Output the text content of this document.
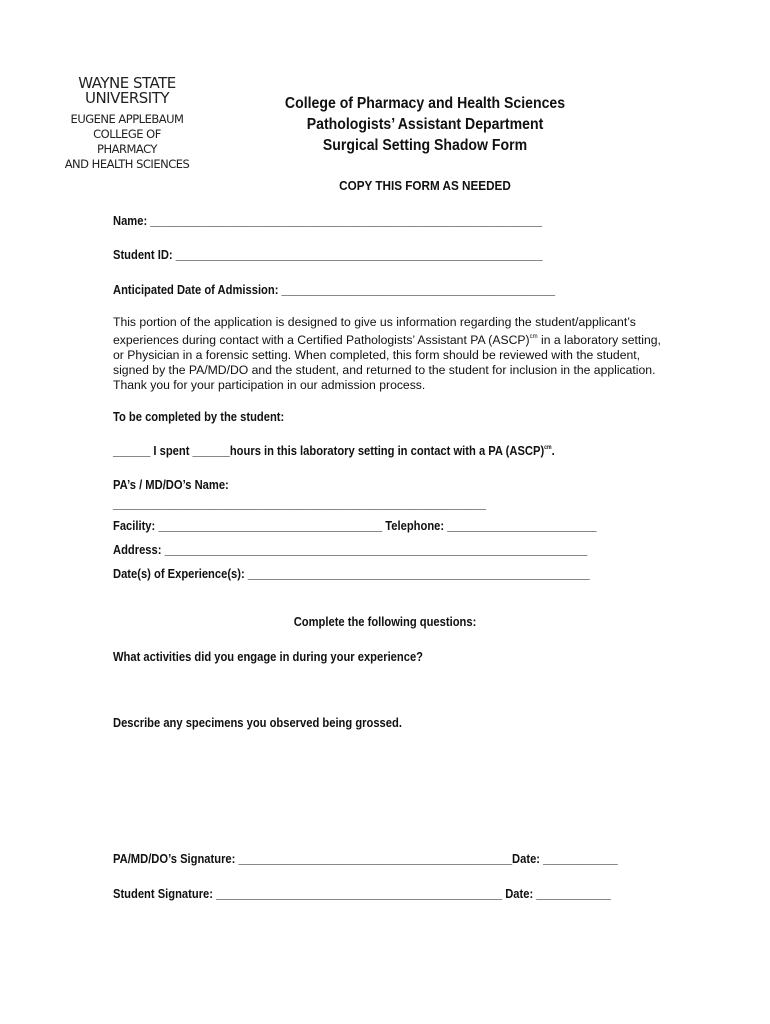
WAYNE STATE
UNIVERSITY
EUGENE APPLEBAUM
COLLEGE OF PHARMACY
AND HEALTH SCIENCES
College of Pharmacy and Health Sciences
Pathologists’ Assistant Department
Surgical Setting Shadow Form
COPY THIS FORM AS NEEDED
Name: _______________________________________________________________
Student ID: ___________________________________________________________
Anticipated Date of Admission: ____________________________________________
This portion of the application is designed to give us information regarding the student/applicant’s experiences during contact with a Certified Pathologists’ Assistant PA (ASCP)$^{cm}$ in a laboratory setting, or Physician in a forensic setting. When completed, this form should be reviewed with the student, signed by the PA/MD/DO and the student, and returned to the student for inclusion in the application. Thank you for your participation in our admission process.
To be completed by the student:
______ I spent ______hours in this laboratory setting in contact with a PA (ASCP)$^{cm}$.
PA’s / MD/DO’s Name:
____________________________________________________________
Facility: ____________________________________ Telephone: ________________________
Address: ____________________________________________________________________
Date(s) of Experience(s): _______________________________________________________
Complete the following questions:
What activities did you engage in during your experience?
Describe any specimens you observed being grossed.
PA/MD/DO’s Signature: ____________________________________________Date: ____________
Student Signature: ______________________________________________ Date: ____________
